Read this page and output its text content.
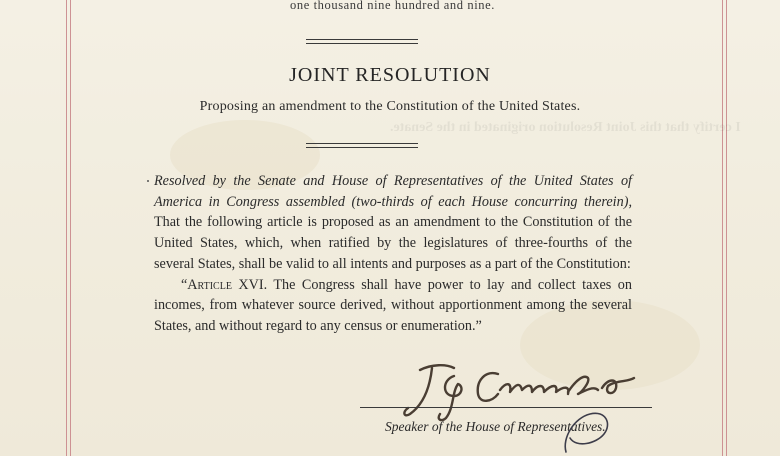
I certify that this Joint Resolution originated in the Senate.
one thousand nine hundred and nine.
JOINT RESOLUTION
Proposing an amendment to the Constitution of the United States.

Resolved by the Senate and House of Representatives of the United States of America in Congress assembled (two-thirds of each House concurring therein), That the following article is proposed as an amendment to the Constitution of the United States, which, when ratified by the legislatures of three-fourths of the several States, shall be valid to all intents and purposes as a part of the Constitution:

“Article XVI. The Congress shall have power to lay and collect taxes on incomes, from whatever source derived, without apportionment among the several States, and without regard to any census or enumeration.”

Speaker of the House of Representatives.
